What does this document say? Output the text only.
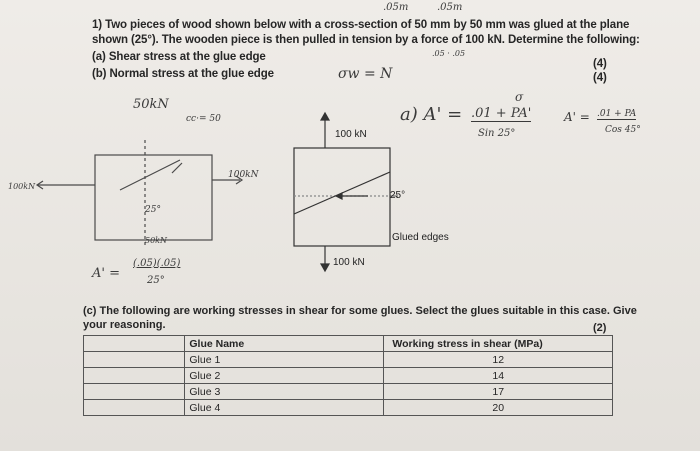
.05m	.05m
1) Two pieces of wood shown below with a cross-section of 50 mm by 50 mm was glued at the plane
shown (25°). The wooden piece is then pulled in tension by a force of 100 kN. Determine the following:
(a) Shear stress at the glue edge	.05 · .05
(4)
(b) Normal stress at the glue edge	σw = N	(4)
50kN
cc·= 50
100kN
100kN
25°
50kN
A' =
(.05)(.05)
25°
100 kN
25°
Glued edges
100 kN
σ
a) A' = .01 + PA'
Sin 25°
A' = .01 + PA
Cos 45°
(c) The following are working stresses in shear for some glues. Select the glues suitable in this case. Give
your reasoning.	(2)
	Glue Name	Working stress in shear (MPa)
	Glue 1	12
	Glue 2	14
	Glue 3	17
	Glue 4	20
